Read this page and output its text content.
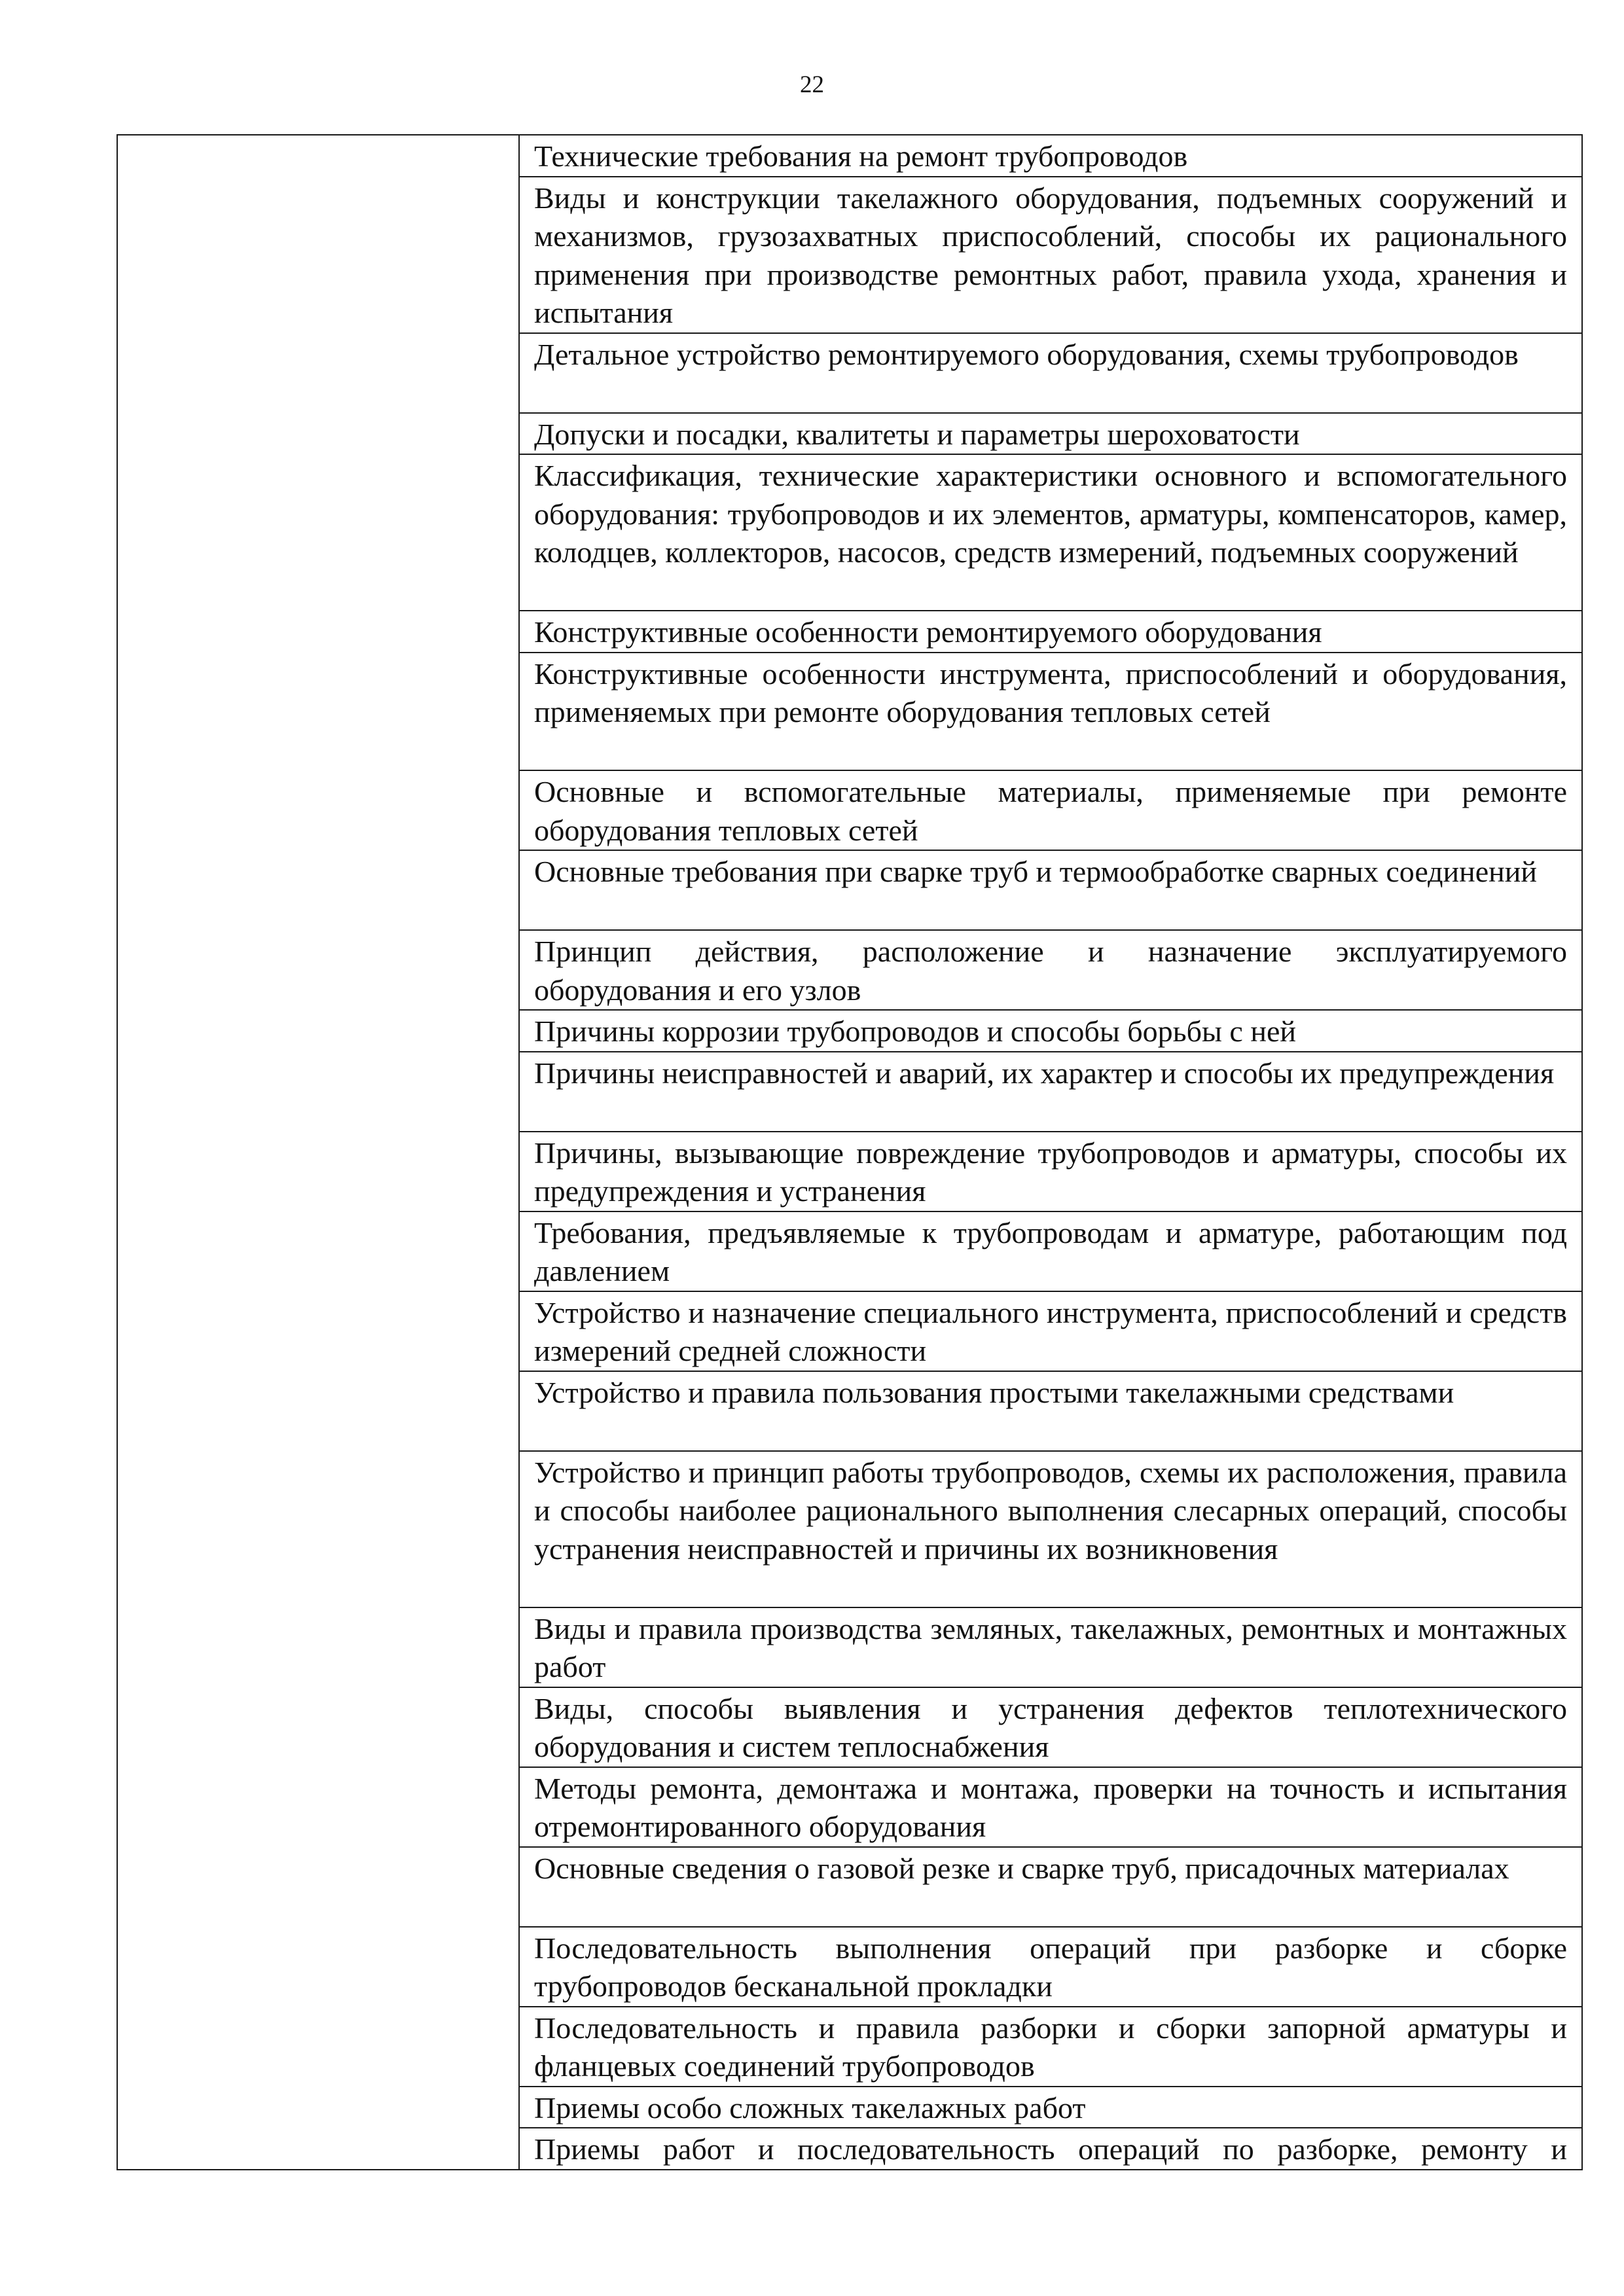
22
	Технические требования на ремонт трубопроводов
Виды и конструкции такелажного оборудования, подъемных сооружений и механизмов, грузозахватных приспособлений, способы их рационального применения при производстве ремонтных работ, правила ухода, хранения и испытания
Детальное устройство ремонтируемого оборудования, схемы трубопроводов
Допуски и посадки, квалитеты и параметры шероховатости
Классификация, технические характеристики основного и вспомогательного оборудования: трубопроводов и их элементов, арматуры, компенсаторов, камер, колодцев, коллекторов, насосов, средств измерений, подъемных сооружений
Конструктивные особенности ремонтируемого оборудования
Конструктивные особенности инструмента, приспособлений и оборудования, применяемых при ремонте оборудования тепловых сетей
Основные и вспомогательные материалы, применяемые при ремонте оборудования тепловых сетей
Основные требования при сварке труб и термообработке сварных соединений
Принцип действия, расположение и назначение эксплуатируемого оборудования и его узлов
Причины коррозии трубопроводов и способы борьбы с ней
Причины неисправностей и аварий, их характер и способы их предупреждения
Причины, вызывающие повреждение трубопроводов и арматуры, способы их предупреждения и устранения
Требования, предъявляемые к трубопроводам и арматуре, работающим под давлением
Устройство и назначение специального инструмента, приспособлений и средств измерений средней сложности
Устройство и правила пользования простыми такелажными средствами
Устройство и принцип работы трубопроводов, схемы их расположения, правила и способы наиболее рационального выполнения слесарных операций, способы устранения неисправностей и причины их возникновения
Виды и правила производства земляных, такелажных, ремонтных и монтажных работ
Виды, способы выявления и устранения дефектов теплотехнического оборудования и систем теплоснабжения
Методы ремонта, демонтажа и монтажа, проверки на точность и испытания отремонтированного оборудования
Основные сведения о газовой резке и сварке труб, присадочных материалах
Последовательность выполнения операций при разборке и сборке трубопроводов бесканальной прокладки
Последовательность и правила разборки и сборки запорной арматуры и фланцевых соединений трубопроводов
Приемы особо сложных такелажных работ
Приемы работ и последовательность операций по разборке, ремонту и
